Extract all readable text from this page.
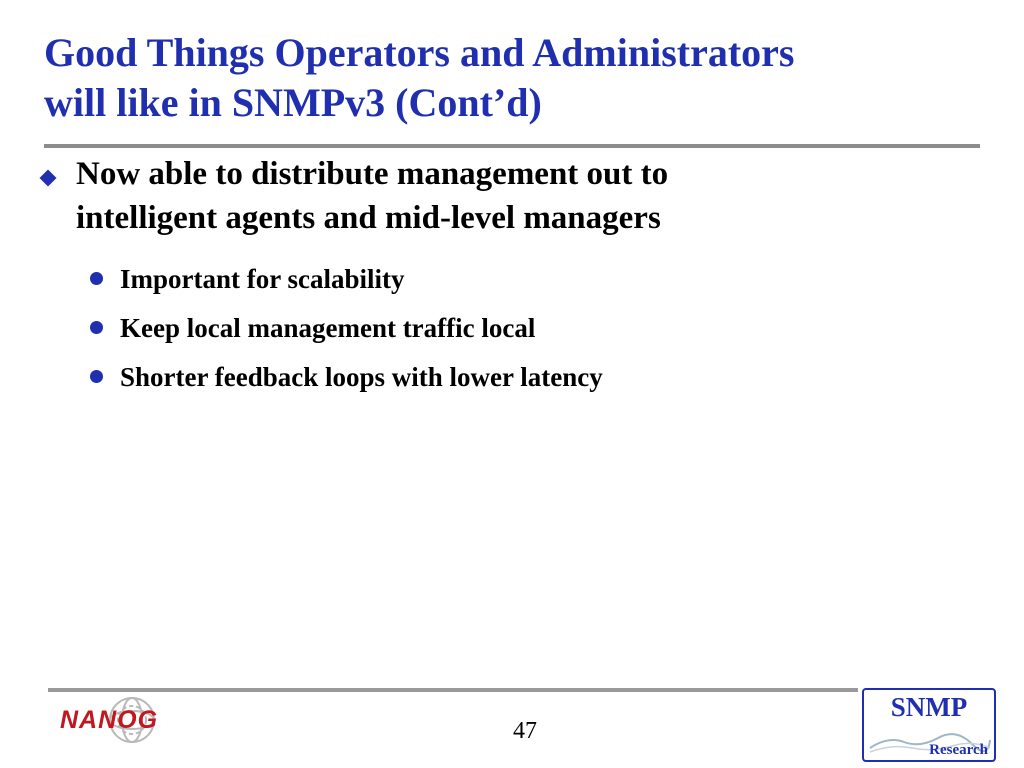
Good Things Operators and Administrators
will like in SNMPv3 (Cont’d)
Now able to distribute management out to
intelligent agents and mid-level managers
Important for scalability
Keep local management traffic local
Shorter feedback loops with lower latency
NANOG	47
SNMP
Research
